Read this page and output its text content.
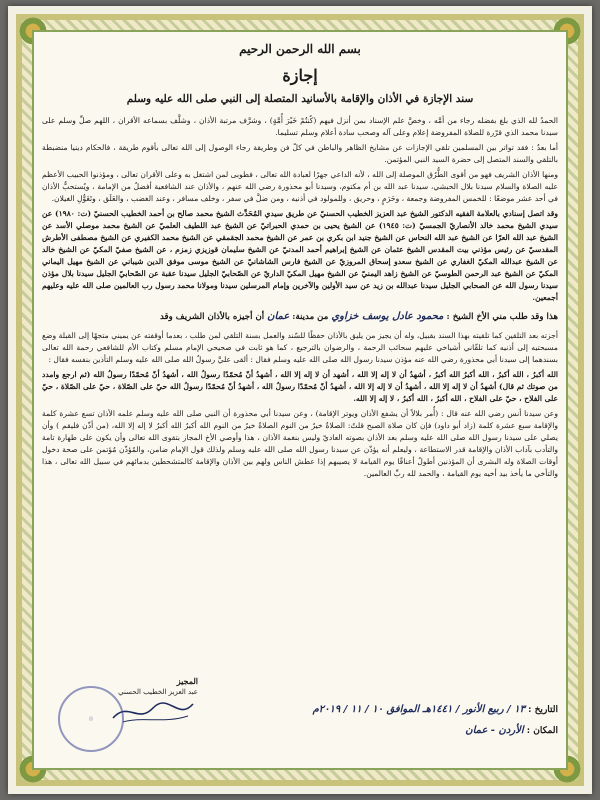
بسم الله الرحمن الرحيم
إجازة
سند الإجازة في الأذان والإقامة بالأسانيد المتصلة إلى النبي صلى الله عليه وسلم

الحمدُ لله الذي بلغ بفضله رجاء من أمَّه ، وخصَّ علم الإسناد بمن أنزل فيهم (كُنتُمْ خَيْرَ أُمَّةٍ) ، وشرَّف مرتبة الأذان ، وشلَّف بسماعه الأقران ، اللهم صلِّ وسلم على سيدنا محمد الذي قرّرة للصلاة المفروضة إعلام وعلى آله وصحب سادة أعلام وسلم تسليما.

أما بعدُ : فقد تواتر بين المسلمين تلقي الإجازات عن مشايخ الظاهر والباطن في كلّ فن وطريقة رجاء الوصول إلى الله تعالى بأقوم طريقة ، فالحكام دينيا منضبطة بالتلقي والسند المتصل إلى حضرة السيد النبي المؤتمن.

ومنها الأذان الشريف فهو من أقوى الطُّرُق الموصلة إلى الله ، لأنه الداعي جهرًا لعبادة الله تعالى ، فطوبى لمن اشتغل به وعلى الأقران تعالى ، ومؤذنوا الحبيب الأعظم عليه الصلاة والسلام سيدنا بلال الحبشي، سيدنا عبد الله بن أم مكتوم، وسيدنا أبو محذورة رضي الله عنهم ، والأذان عند الشافعية أفضلُ من الإمامة ، ويُستحبُّ الأذان في أحد عشر موضعًا : للخمس المفروضة وجمعة ، وحَرَمٍ ، وحريق ، وللمولود في أذنيه ، ومن ضلَّ في سفر ، وخلف مسافر ، وعند الغضب ، والعَلَق ، وتَغَوُّلِ الغيلان.

وقد اتصل إسنادي بالعلامة الفقيه الدكتور الشيخ عبد العزيز الخطيب الحسنيّ عن طريق سيدي المُحَدِّث الشيخ محمد صالح بن أحمد الخطيب الحسنيّ (ت: ١٩٨٠) عن سيدي الشيخ محمد خالد الأنصاريّ الجمسيّ (ت: ١٩٤٥) عن الشيخ يحيى بن حمدي الحبراتيّ عن الشيخ عبد اللطيف العلميّ عن الشيخ محمد موصلي الأسد عن الشيخ عبد الله العرّا عن الشيخ عبد الله النحاس عن الشيخ جنيد ابن بكري بن عمر عن الشيخ محمد الجقمقي عن الشيخ محمد الكفيري عن الشيخ مصطفى الأطرش المقدسيّ عن رئيس مؤذني بيت المقدس الشيخ عثمان عن الشيخ إبراهيم أحمد المدنيّ عن الشيخ سليمان قوزيزي زمزم ، عن الشيخ صفيّ المكيّ عن الشيخ خالد عن الشيخ عبدالله المكيّ الغفاري عن الشيخ سعدو إسحاق المروزيّ عن الشيخ فارس الشاشانيّ عن الشيخ موسى موفق الدين شيباني عن الشيخ مهيل اليماني المكيّ عن الشيخ عبد الرحمن الطوسيّ عن الشيخ زاهد اليمنيّ عن الشيخ مهيل المكيّ الداريّ عن الصّحابيّ الجليل سيدنا عقبة عن الصّحابيّ الجليل سيدنا بلال مؤذن سيدنا رسول الله عن الصحابي الجليل سيدنا عبدالله بن زيد عن سيد الأولين والآخرين وإمام المرسلين سيدنا ومولانا محمد رسول رب العالمين صلى الله عليه وعليهم أجمعين.

هذا وقد طلب مني الأخ الشيخ : محمود عادل يوسف خزاوي من مدينة: عمان أن أجيزه بالأذان الشريف وقد

أجزته بعد التلقين كما تلقيته بهذا السند بقبيل، وله أن يجيز من يليق بالأذان حفظًا للسّند والعمل بسنة التلقي لمن طلب ، بعدما أوقفته عن يميني متجهًا إلى القبلة وضع مسبحتيه إلى أذنيه كما تلقّاني أشياخي عليهم سحائب الرحمة ، والرضوان بالترجيع ، كما هو ثابت في صحيحي الإمام مسلم وكتاب الأم للشافعي رحمة الله تعالى بسندهما إلى سيدنا أبي محذورة رضي الله عنه مؤذن سيدنا رسول الله صلى الله عليه وسلم فقال : ألقى عليَّ رسولُ الله صلى الله عليه وسلم التأذين بنفسه فقال :

الله أكبرُ ، الله أكبرُ ، الله أكبرُ الله أكبرُ ، أشهدُ أن لا إله إلا الله ، أشهد أن لا إله إلا الله ، أشهدُ أنّ مُحمّدًا رسولُ الله ، أشهدُ أنّ مُحمّدًا رسولُ الله (ثم ارجع وامدد من صوتك ثم قال) أشهدُ أن لا إله إلا الله ، أشهدُ أن لا إله إلا الله ، أشهدُ أنّ مُحمّدًا رسولُ الله ، أشهدُ أنّ مُحمّدًا رسولُ الله حيّ على الصّلاة ، حيّ على الصّلاة ، حيّ على الفلاح ، حيّ على الفلاح ، الله أكبرُ ، الله أكبرُ ، لا إله إلا الله.

وعن سيدنا أنس رضي الله عنه قال : (أُمر بلالاً أن يشفع الأذان ويوتر الإقامة) ، وعن سيدنا أبي محذورة أن النبي صلى الله عليه وسلم علمه الأذان تسع عشرة كلمة والإقامة سبع عشرة كلمة (زاد أبو داود) فإن كان صلاة الصبح قلتُ: الصلاةُ خيرٌ من النوم الصلاةُ خيرٌ من النوم الله أكبرُ الله أكبرُ لا إله إلا الله، (من أذّن فليقم ) وأن يصلي على سيدنا رسول الله صلى الله عليه وسلم بعد الأذان بصوته العاديّ وليس بنغمة الأذان ، هذا وأوصي الأخ المجاز بتقوى الله تعالى وأن يكون على طهارة تامة والتأدب بآداب الأذان والإقامة قدر الاستطاعة ، وليعلم أنه يؤذّن عن سيدنا رسول الله صلى الله عليه وسلم ولذلك قول الإمام ضامن، والمُؤذّن مُؤتمن على صحة دخول أوقات الصلاة وله البشرى أن المؤذنين أطولُ أعناقًا يوم القيامة لا يصيبهم إذا عطش الناس ولهم بين الأذان والإقامة كالمتشحطين بدمائهم في سبيل الله تعالى ، هذا والتأخي ما يأخذ بيد أخيه يوم القيامة ، والحمد لله ربِّ العالمين.

التاريخ : ١٣ / ربيع الأنور / ١٤٤١هـ الموافق ١٠ / ١١ / ٢٠١٩م
المكان : الأردن - عمان
المجيز
عبد العزيز الخطيب الحسني
◎
